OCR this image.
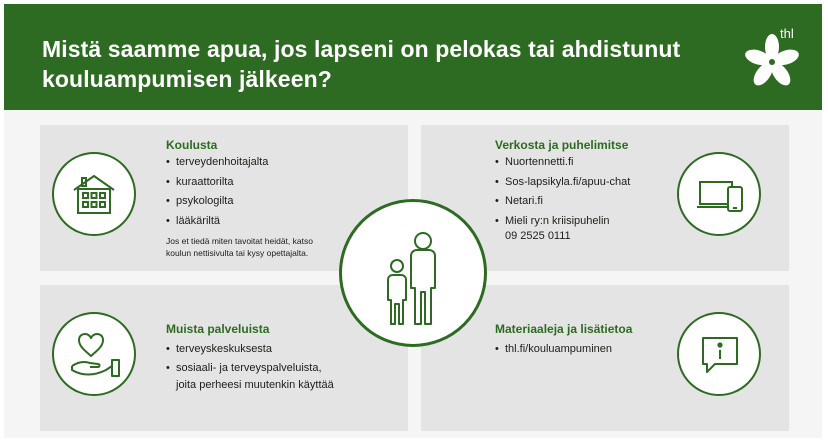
Mistä saamme apua, jos lapseni on pelokas tai ahdistunut
kouluampumisen jälkeen?
thl
Koulusta
• terveydenhoitajalta
• kuraattorilta
• psykologilta
• lääkäriltä
Jos et tiedä miten tavoitat heidät, katso
koulun nettisivulta tai kysy opettajalta.
Verkosta ja puhelimitse
• Nuortennetti.fi
• Sos-lapsikyla.fi/apuu-chat
• Netari.fi
• Mieli ry:n kriisipuhelin
09 2525 0111
Muista palveluista
• terveyskeskuksesta
• sosiaali- ja terveyspalveluista,
joita perheesi muutenkin käyttää
Materiaaleja ja lisätietoa
• thl.fi/kouluampuminen
